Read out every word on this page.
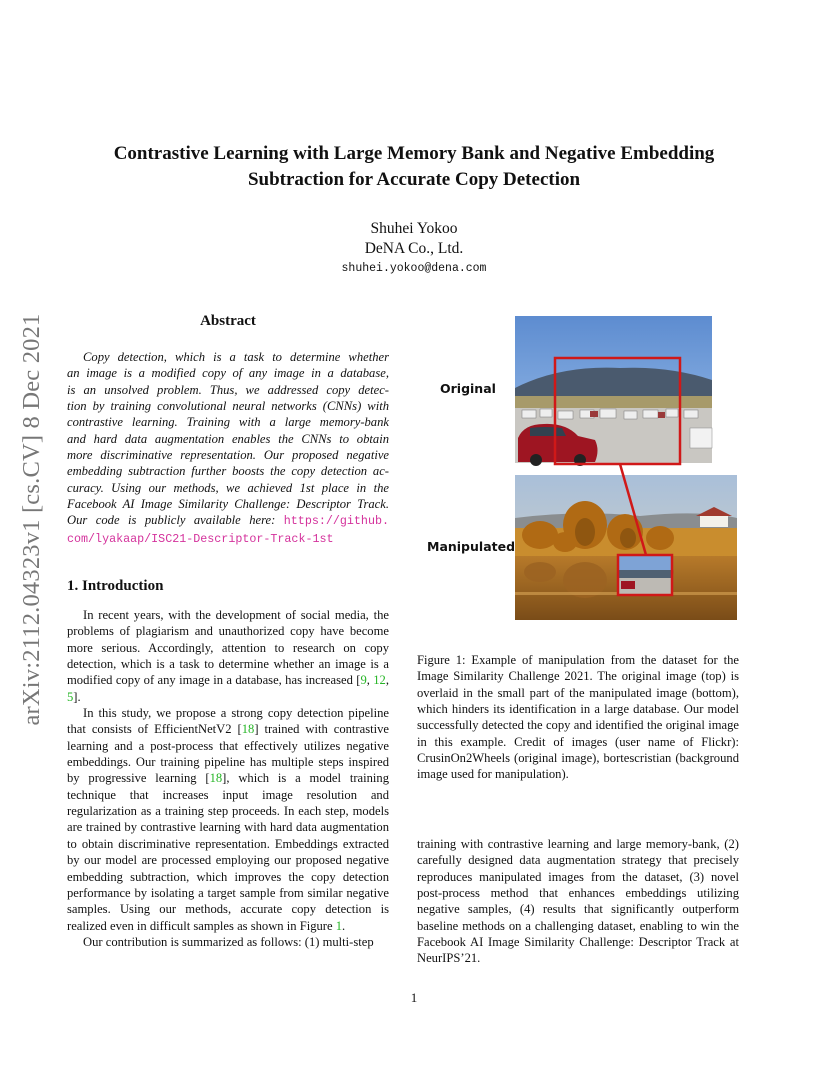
arXiv:2112.04323v1 [cs.CV] 8 Dec 2021
Contrastive Learning with Large Memory Bank and Negative Embedding
Subtraction for Accurate Copy Detection
Shuhei Yokoo
DeNA Co., Ltd.
shuhei.yokoo@dena.com
Abstract
Copy detection, which is a task to determine whether
an image is a modified copy of any image in a database,
is an unsolved problem. Thus, we addressed copy detec-
tion by training convolutional neural networks (CNNs) with
contrastive learning. Training with a large memory-bank
and hard data augmentation enables the CNNs to obtain
more discriminative representation. Our proposed negative
embedding subtraction further boosts the copy detection ac-
curacy. Using our methods, we achieved 1st place in the
Facebook AI Image Similarity Challenge: Descriptor Track.
Our code is publicly available here: https://github.
com/lyakaap/ISC21-Descriptor-Track-1st
1. Introduction

In recent years, with the development of social media, the problems of plagiarism and unauthorized copy have become more serious. Accordingly, attention to research on copy detection, which is a task to determine whether an image is a modified copy of any image in a database, has increased [9, 12, 5].

In this study, we propose a strong copy detection pipeline that consists of EfficientNetV2 [18] trained with contrastive learning and a post-process that effectively utilizes negative embeddings. Our training pipeline has multiple steps inspired by progressive learning [18], which is a model training technique that increases input image resolution and regularization as a training step proceeds. In each step, models are trained by contrastive learning with hard data augmentation to obtain discriminative representation. Embeddings extracted by our model are processed employing our proposed negative embedding subtraction, which improves the copy detection performance by isolating a target sample from similar negative samples. Using our methods, accurate copy detection is realized even in difficult samples as shown in Figure 1.

Our contribution is summarized as follows: (1) multi-step

Original
Manipulated
Figure 1: Example of manipulation from the dataset for the Image Similarity Challenge 2021. The original image (top) is overlaid in the small part of the manipulated image (bottom), which hinders its identification in a large database. Our model successfully detected the copy and identified the original image in this example. Credit of images (user name of Flickr): CrusinOn2Wheels (original image), bortescristian (background image used for manipulation).
training with contrastive learning and large memory-bank, (2) carefully designed data augmentation strategy that precisely reproduces manipulated images from the dataset, (3) novel post-process method that enhances embeddings utilizing negative samples, (4) results that significantly outperform baseline methods on a challenging dataset, enabling to win the Facebook AI Image Similarity Challenge: Descriptor Track at NeurIPS’21.
1
